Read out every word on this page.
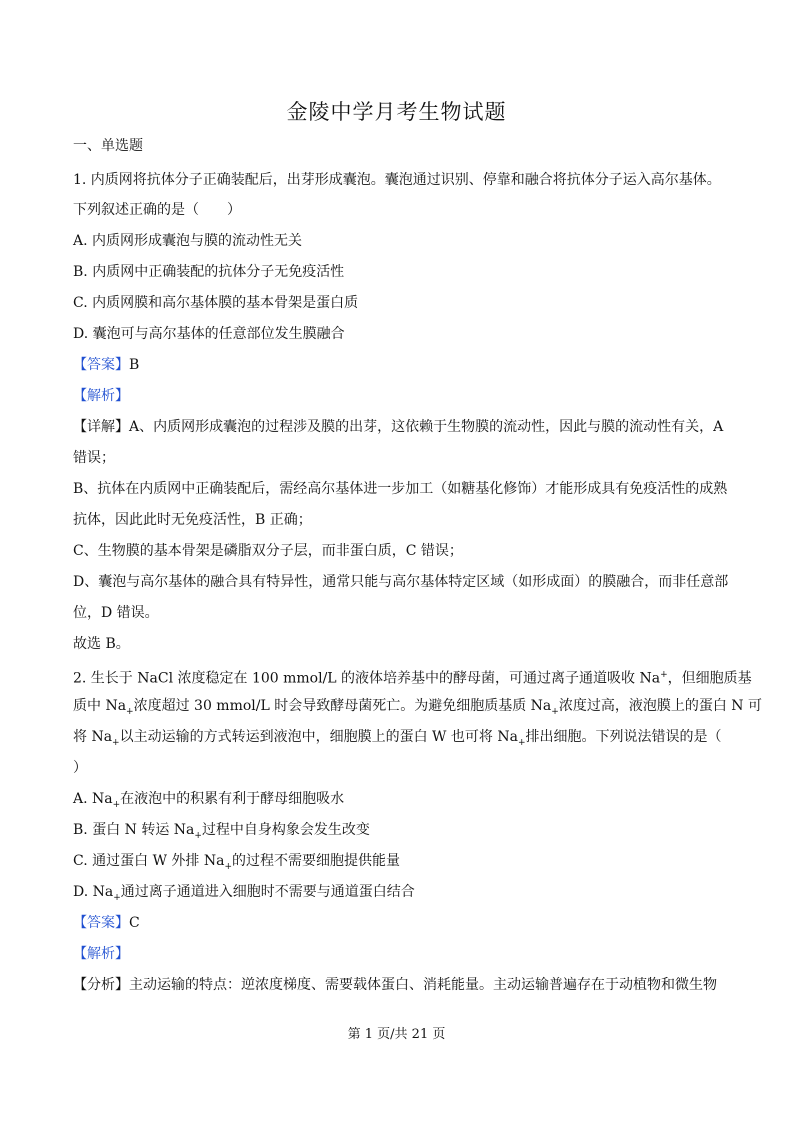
金陵中学月考生物试题
一、单选题
1. 内质网将抗体分子正确装配后，出芽形成囊泡。囊泡通过识别、停靠和融合将抗体分子运入高尔基体。
下列叙述正确的是（　　）
A. 内质网形成囊泡与膜的流动性无关
B. 内质网中正确装配的抗体分子无免疫活性
C. 内质网膜和高尔基体膜的基本骨架是蛋白质
D. 囊泡可与高尔基体的任意部位发生膜融合
【答案】B
【解析】
【详解】A、内质网形成囊泡的过程涉及膜的出芽，这依赖于生物膜的流动性，因此与膜的流动性有关，A
错误；
B、抗体在内质网中正确装配后，需经高尔基体进一步加工（如糖基化修饰）才能形成具有免疫活性的成熟
抗体，因此此时无免疫活性，B 正确；
C、生物膜的基本骨架是磷脂双分子层，而非蛋白质，C 错误；
D、囊泡与高尔基体的融合具有特异性，通常只能与高尔基体特定区域（如形成面）的膜融合，而非任意部
位，D 错误。
故选 B。
2. 生长于 NaCl 浓度稳定在 100 mmol/L 的液体培养基中的酵母菌，可通过离子通道吸收 Na+，但细胞质基
质中 $Na_+$浓度超过 30 mmol/L 时会导致酵母菌死亡。为避免细胞质基质 $Na_+$浓度过高，液泡膜上的蛋白 N 可
将 $Na_+$以主动运输的方式转运到液泡中，细胞膜上的蛋白 W 也可将 $Na_+$排出细胞。下列说法错误的是（
）
A. $Na_+$在液泡中的积累有利于酵母细胞吸水
B. 蛋白 N 转运 $Na_+$过程中自身构象会发生改变
C. 通过蛋白 W 外排 $Na_+$的过程不需要细胞提供能量
D. $Na_+$通过离子通道进入细胞时不需要与通道蛋白结合
【答案】C
【解析】
【分析】主动运输的特点：逆浓度梯度、需要载体蛋白、消耗能量。主动运输普遍存在于动植物和微生物
第 1 页/共 21 页
